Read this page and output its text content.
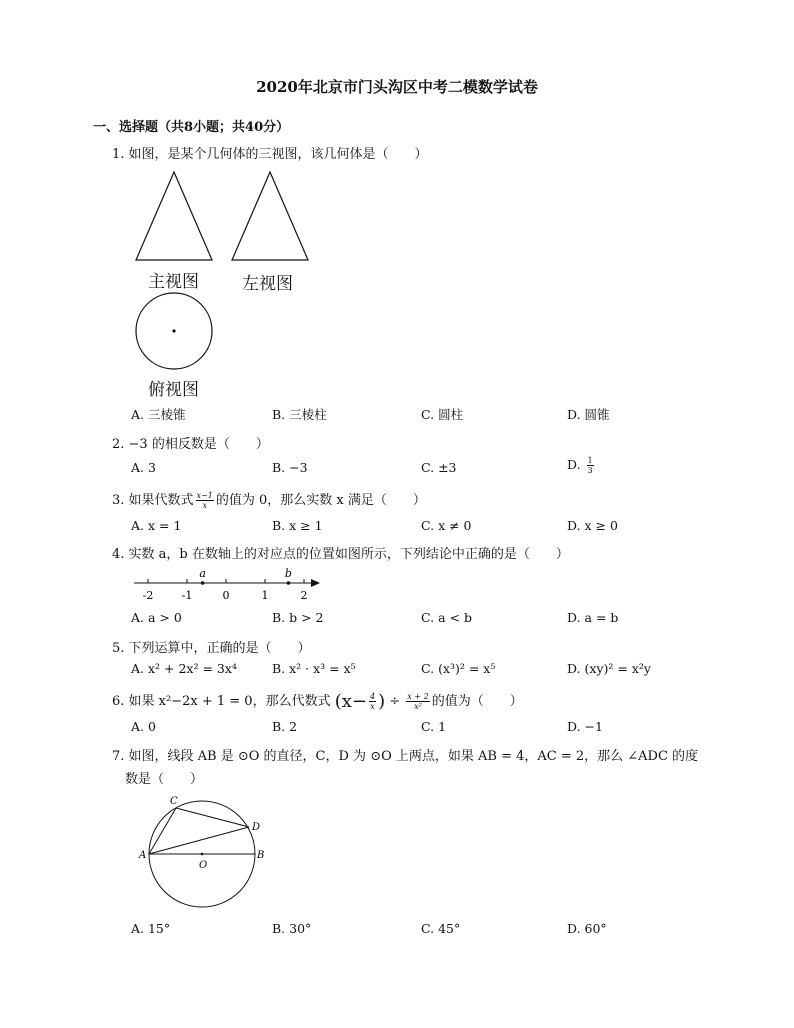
2020年北京市门头沟区中考二模数学试卷
一、选择题（共8小题；共40分）
1. 如图，是某个几何体的三视图，该几何体是（　　）
主视图	左视图
俯视图
A. 三棱锥	B. 三棱柱	C. 圆柱	D. 圆锥
2. −3 的相反数是（　　）
A. 3	B. −3	C. ±3	D. $\frac{1}{3}$
3. 如果代数式 $\frac{x-1}{x}$ 的值为 0，那么实数 x 满足（　　）
A. x = 1	B. x ≥ 1	C. x ≠ 0	D. x ≥ 0
4. 实数 a，b 在数轴上的对应点的位置如图所示，下列结论中正确的是（　　）
-2	-1	0	1	2
a	b
A. a > 0	B. b > 2	C. a < b	D. a = b
5. 下列运算中，正确的是（　　）
A. x² + 2x² = 3x⁴	B. x² · x³ = x⁵	C. (x³)² = x⁵	D. (xy)² = x²y
6. 如果 x²−2x + 1 = 0，那么代数式 ($x- \frac{4}{x}$ ) ÷ $\frac{x + 2}{\text{x²}}$ 的值为（　　）
A. 0	B. 2	C. 1	D. −1
7. 如图，线段 AB 是 ⊙O 的直径，C，D 为 ⊙O 上两点，如果 AB = 4，AC = 2，那么 ∠ADC 的度
数是（　　）
A	B
C
D
O
A. 15°	B. 30°	C. 45°	D. 60°
